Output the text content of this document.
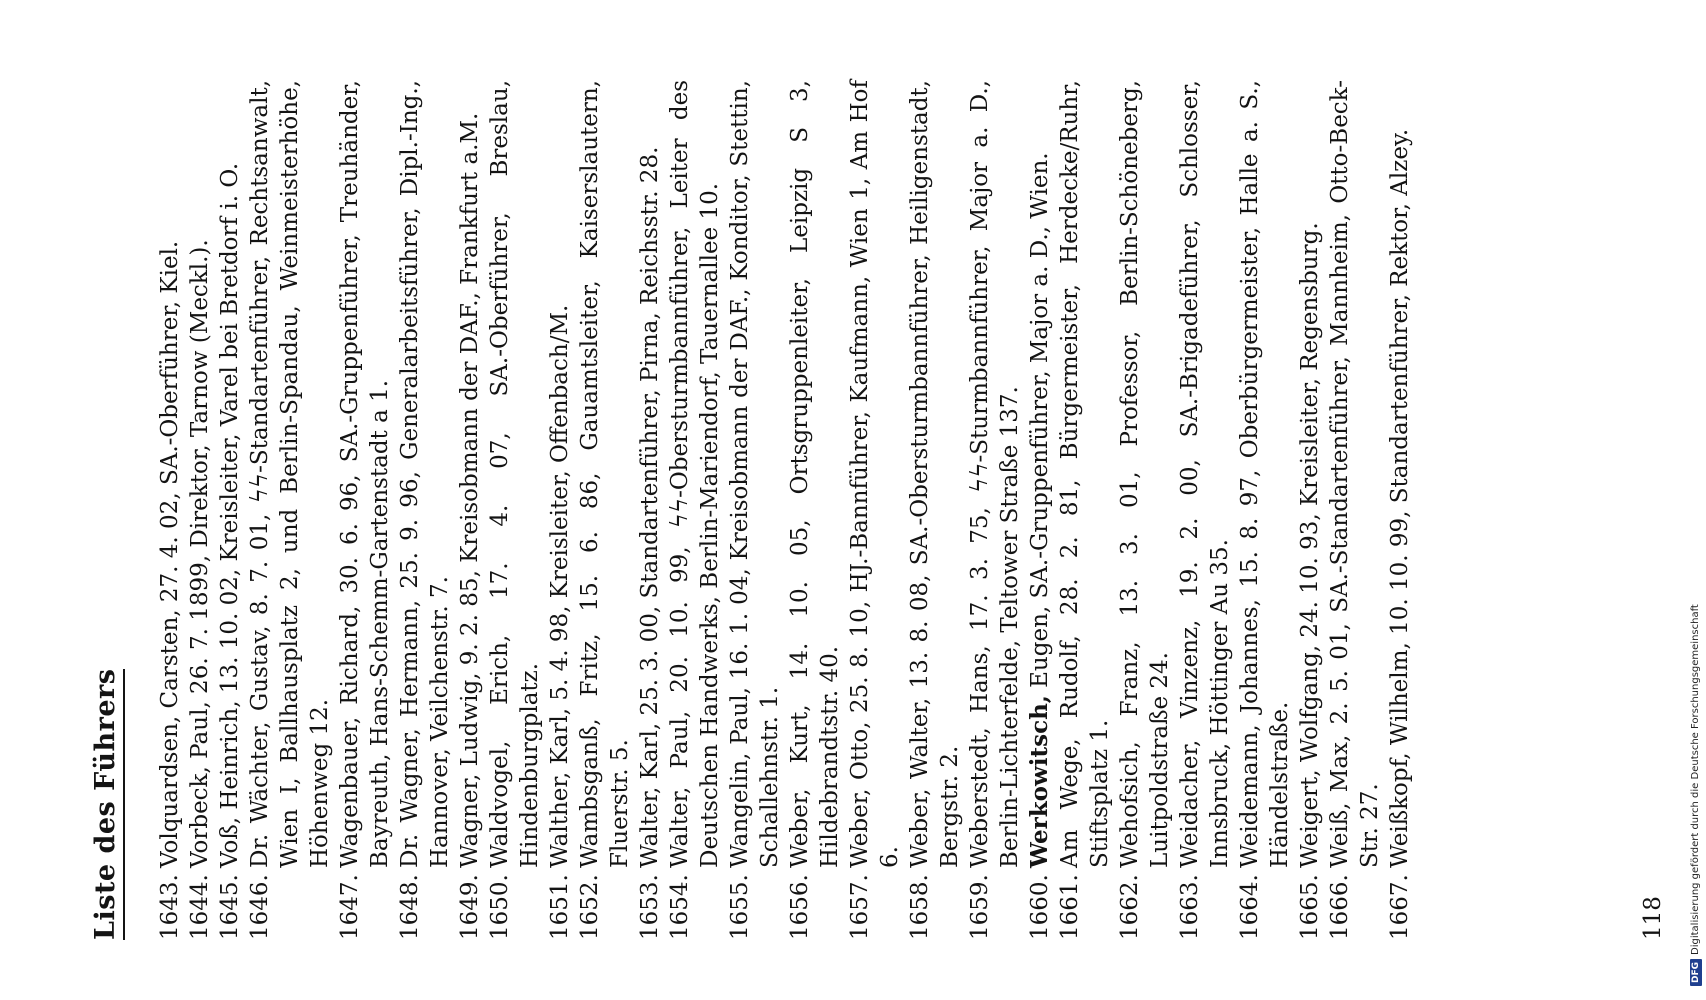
Liste des Führers 1643.
Volquardsen, Carsten, 27. 4. 02, SA.-Oberführer, Kiel.
1644.
Vorbeck, Paul, 26. 7. 1899, Direktor, Tarnow (Meckl.).
1645.
Voß, Heinrich, 13. 10. 02, Kreisleiter, Varel bei Bretdorf i. O.
1646.
Dr. Wächter, Gustav, 8. 7. 01, ϟϟ-Standartenführer, Rechtsanwalt, Wien I, Ballhausplatz 2, und Berlin-Spandau, Weinmeisterhöhe, Höhenweg 12.
1647.
Wagenbauer, Richard, 30. 6. 96, SA.-Gruppenführer, Treuhänder, Bayreuth, Hans-Schemm-Gartenstadt a 1.
1648.
Dr. Wagner, Hermann, 25. 9. 96, Generalarbeitsführer, Dipl.-Ing., Hannover, Veilchenstr. 7.
1649.
Wagner, Ludwig, 9. 2. 85, Kreisobmann der DAF., Frankfurt a.M.
1650.
Waldvogel, Erich, 17. 4. 07, SA.-Oberführer, Breslau, Hindenburgplatz.
1651.
Walther, Karl, 5. 4. 98, Kreisleiter, Offenbach/M.
1652.
Wambsganß, Fritz, 15. 6. 86, Gauamtsleiter, Kaiserslautern, Fluerstr. 5.
1653.
Walter, Karl, 25. 3. 00, Standartenführer, Pirna, Reichsstr. 28.
1654.
Walter, Paul, 20. 10. 99, ϟϟ-Obersturmbannführer, Leiter des Deutschen Handwerks, Berlin-Mariendorf, Tauernallee 10.
1655.
Wangelin, Paul, 16. 1. 04, Kreisobmann der DAF., Konditor, Stettin, Schallehnstr. 1.
1656.
Weber, Kurt, 14. 10. 05, Ortsgruppenleiter, Leipzig S 3, Hildebrandtstr. 40.
1657.
Weber, Otto, 25. 8. 10, HJ.-Bannführer, Kaufmann, Wien 1, Am Hof 6.
1658.
Weber, Walter, 13. 8. 08, SA.-Obersturmbannführer, Heiligenstadt, Bergstr. 2.
1659.
Weberstedt, Hans, 17. 3. 75, ϟϟ-Sturmbannführer, Major a. D., Berlin-Lichterfelde, Teltower Straße 137.
1660.
Werkowitsch, Eugen, SA.-Gruppenführer, Major a. D., Wien.
1661.
Am Wege, Rudolf, 28. 2. 81, Bürgermeister, Herdecke/Ruhr, Stiftsplatz 1.
1662.
Wehofsich, Franz, 13. 3. 01, Professor, Berlin-Schöneberg, Luitpoldstraße 24.
1663.
Weidacher, Vinzenz, 19. 2. 00, SA.-Brigadeführer, Schlosser, Innsbruck, Höttinger Au 35.
1664.
Weidemann, Johannes, 15. 8. 97, Oberbürgermeister, Halle a. S., Händelstraße.
1665.
Weigert, Wolfgang, 24. 10. 93, Kreisleiter, Regensburg.
1666.
Weiß, Max, 2. 5. 01, SA.-Standartenführer, Mannheim, Otto-Beck-Str. 27.
1667.
Weißkopf, Wilhelm, 10. 10. 99, Standartenführer, Rektor, Alzey.
118
DFGDigitalisierung gefördert durch die Deutsche Forschungsgemeinschaft
